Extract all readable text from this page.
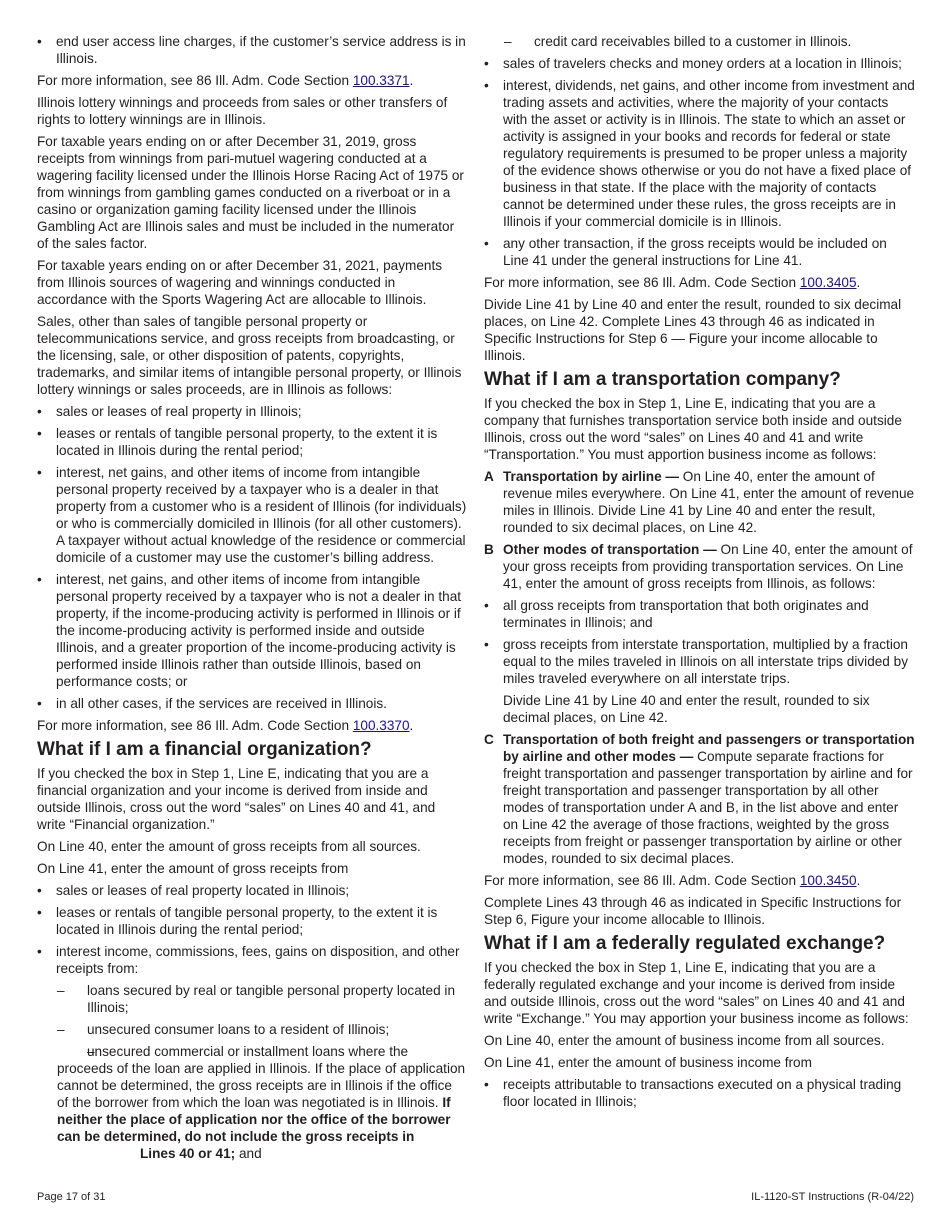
• end user access line charges, if the customer’s service address is in Illinois.

For more information, see 86 Ill. Adm. Code Section 100.3371.

Illinois lottery winnings and proceeds from sales or other transfers of rights to lottery winnings are in Illinois.

For taxable years ending on or after December 31, 2019, gross receipts from winnings from pari-mutuel wagering conducted at a wagering facility licensed under the Illinois Horse Racing Act of 1975 or from winnings from gambling games conducted on a riverboat or in a casino or organization gaming facility licensed under the Illinois Gambling Act are Illinois sales and must be included in the numerator of the sales factor.

For taxable years ending on or after December 31, 2021, payments from Illinois sources of wagering and winnings conducted in accordance with the Sports Wagering Act are allocable to Illinois.

Sales, other than sales of tangible personal property or telecommunications service, and gross receipts from broadcasting, or the licensing, sale, or other disposition of patents, copyrights, trademarks, and similar items of intangible personal property, or Illinois lottery winnings or sales proceeds, are in Illinois as follows:

• sales or leases of real property in Illinois;
• leases or rentals of tangible personal property, to the extent it is located in Illinois during the rental period;
• interest, net gains, and other items of income from intangible personal property received by a taxpayer who is a dealer in that property from a customer who is a resident of Illinois (for individuals) or who is commercially domiciled in Illinois (for all other customers). A taxpayer without actual knowledge of the residence or commercial domicile of a customer may use the customer’s billing address.
• interest, net gains, and other items of income from intangible personal property received by a taxpayer who is not a dealer in that property, if the income-producing activity is performed in Illinois or if the income-producing activity is performed inside and outside Illinois, and a greater proportion of the income-producing activity is performed inside Illinois rather than outside Illinois, based on performance costs; or
• in all other cases, if the services are received in Illinois.

For more information, see 86 Ill. Adm. Code Section 100.3370.

What if I am a financial organization?

If you checked the box in Step 1, Line E, indicating that you are a financial organization and your income is derived from inside and outside Illinois, cross out the word “sales” on Lines 40 and 41, and write “Financial organization.”

On Line 40, enter the amount of gross receipts from all sources.

On Line 41, enter the amount of gross receipts from

• sales or leases of real property located in Illinois;
• leases or rentals of tangible personal property, to the extent it is located in Illinois during the rental period;
• interest income, commissions, fees, gains on disposition, and other receipts from:
– loans secured by real or tangible personal property located in Illinois;
– unsecured consumer loans to a resident of Illinois;
– unsecured commercial or installment loans where the proceeds of the loan are applied in Illinois. If the place of application cannot be determined, the gross receipts are in Illinois if the office of the borrower from which the loan was negotiated is in Illinois. If neither the place of application nor the office of the borrower can be determined, do not include the gross receipts in
Lines 40 or 41; and
– credit card receivables billed to a customer in Illinois.
• sales of travelers checks and money orders at a location in Illinois;
• interest, dividends, net gains, and other income from investment and trading assets and activities, where the majority of your contacts with the asset or activity is in Illinois. The state to which an asset or activity is assigned in your books and records for federal or state regulatory requirements is presumed to be proper unless a majority of the evidence shows otherwise or you do not have a fixed place of business in that state. If the place with the majority of contacts cannot be determined under these rules, the gross receipts are in Illinois if your commercial domicile is in Illinois.
• any other transaction, if the gross receipts would be included on Line 41 under the general instructions for Line 41.

For more information, see 86 Ill. Adm. Code Section 100.3405.

Divide Line 41 by Line 40 and enter the result, rounded to six decimal places, on Line 42. Complete Lines 43 through 46 as indicated in Specific Instructions for Step 6 — Figure your income allocable to Illinois.

What if I am a transportation company?

If you checked the box in Step 1, Line E, indicating that you are a company that furnishes transportation service both inside and outside Illinois, cross out the word “sales” on Lines 40 and 41 and write “Transportation.” You must apportion business income as follows:

A Transportation by airline — On Line 40, enter the amount of revenue miles everywhere. On Line 41, enter the amount of revenue miles in Illinois. Divide Line 41 by Line 40 and enter the result, rounded to six decimal places, on Line 42.
B Other modes of transportation — On Line 40, enter the amount of your gross receipts from providing transportation services. On Line 41, enter the amount of gross receipts from Illinois, as follows:
• all gross receipts from transportation that both originates and terminates in Illinois; and
• gross receipts from interstate transportation, multiplied by a fraction equal to the miles traveled in Illinois on all interstate trips divided by miles traveled everywhere on all interstate trips.
Divide Line 41 by Line 40 and enter the result, rounded to six decimal places, on Line 42.
C Transportation of both freight and passengers or transportation by airline and other modes — Compute separate fractions for freight transportation and passenger transportation by airline and for freight transportation and passenger transportation by all other modes of transportation under A and B, in the list above and enter on Line 42 the average of those fractions, weighted by the gross receipts from freight or passenger transportation by airline or other modes, rounded to six decimal places.

For more information, see 86 Ill. Adm. Code Section 100.3450.

Complete Lines 43 through 46 as indicated in Specific Instructions for Step 6, Figure your income allocable to Illinois.

What if I am a federally regulated exchange?

If you checked the box in Step 1, Line E, indicating that you are a federally regulated exchange and your income is derived from inside and outside Illinois, cross out the word “sales” on Lines 40 and 41 and write “Exchange.” You may apportion your business income as follows:

On Line 40, enter the amount of business income from all sources.

On Line 41, enter the amount of business income from

• receipts attributable to transactions executed on a physical trading floor located in Illinois;
Page 17 of 31	IL-1120-ST Instructions (R-04/22)
